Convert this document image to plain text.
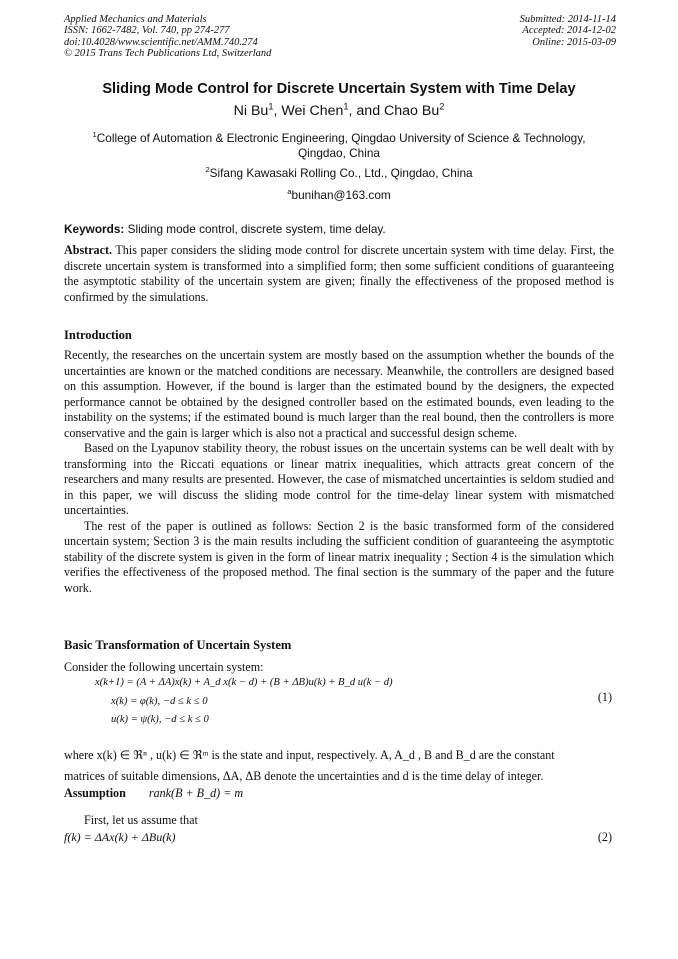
Applied Mechanics and Materials
ISSN: 1662-7482, Vol. 740, pp 274-277
doi:10.4028/www.scientific.net/AMM.740.274
© 2015 Trans Tech Publications Ltd, Switzerland
Submitted: 2014-11-14
Accepted: 2014-12-02
Online: 2015-03-09
Sliding Mode Control for Discrete Uncertain System with Time Delay
Ni Bu$^1$, Wei Chen$^1$, and Chao Bu$^2$
$^1$College of Automation & Electronic Engineering, Qingdao University of Science & Technology,
Qingdao, China
$^2$Sifang Kawasaki Rolling Co., Ltd., Qingdao, China
$^a$bunihan@163.com
Keywords: Sliding mode control, discrete system, time delay.

Abstract. This paper considers the sliding mode control for discrete uncertain system with time delay. First, the discrete uncertain system is transformed into a simplified form; then some sufficient conditions of guaranteeing the asymptotic stability of the uncertain system are given; finally the effectiveness of the proposed method is confirmed by the simulations.

Introduction

Recently, the researches on the uncertain system are mostly based on the assumption whether the bounds of the uncertainties are known or the matched conditions are necessary. Meanwhile, the controllers are designed based on this assumption. However, if the bound is larger than the estimated bound by the designers, the expected performance cannot be obtained by the designed controller based on the estimated bounds, even leading to the instability on the systems; if the estimated bound is much larger than the real bound, then the controllers is more conservative and the gain is larger which is also not a practical and successful design scheme.

Based on the Lyapunov stability theory, the robust issues on the uncertain systems can be well dealt with by transforming into the Riccati equations or linear matrix inequalities, which attracts great concern of the researchers and many results are presented. However, the case of mismatched uncertainties is seldom studied and in this paper, we will discuss the sliding mode control for the time-delay linear system with mismatched uncertainties.

The rest of the paper is outlined as follows: Section 2 is the basic transformed form of the considered uncertain system; Section 3 is the main results including the sufficient condition of guaranteeing the asymptotic stability of the discrete system is given in the form of linear matrix inequality ; Section 4 is the simulation which verifies the effectiveness of the proposed method. The final section is the summary of the paper and the future work.

Basic Transformation of Uncertain System
Consider the following uncertain system:
x(k+1) = (A + ΔA)x(k) + A_d x(k − d) + (B + ΔB)u(k) + B_d u(k − d)
x(k) = φ(k), −d ≤ k ≤ 0
u(k) = ψ(k), −d ≤ k ≤ 0
(1)
where x(k) ∈ ℜⁿ , u(k) ∈ ℜᵐ is the state and input, respectively. A, A_d , B and B_d are the constant
matrices of suitable dimensions, ΔA, ΔB denote the uncertainties and d is the time delay of integer.
Assumption rank(B + B_d) = m
First, let us assume that
f(k) = ΔAx(k) + ΔBu(k)	(2)
